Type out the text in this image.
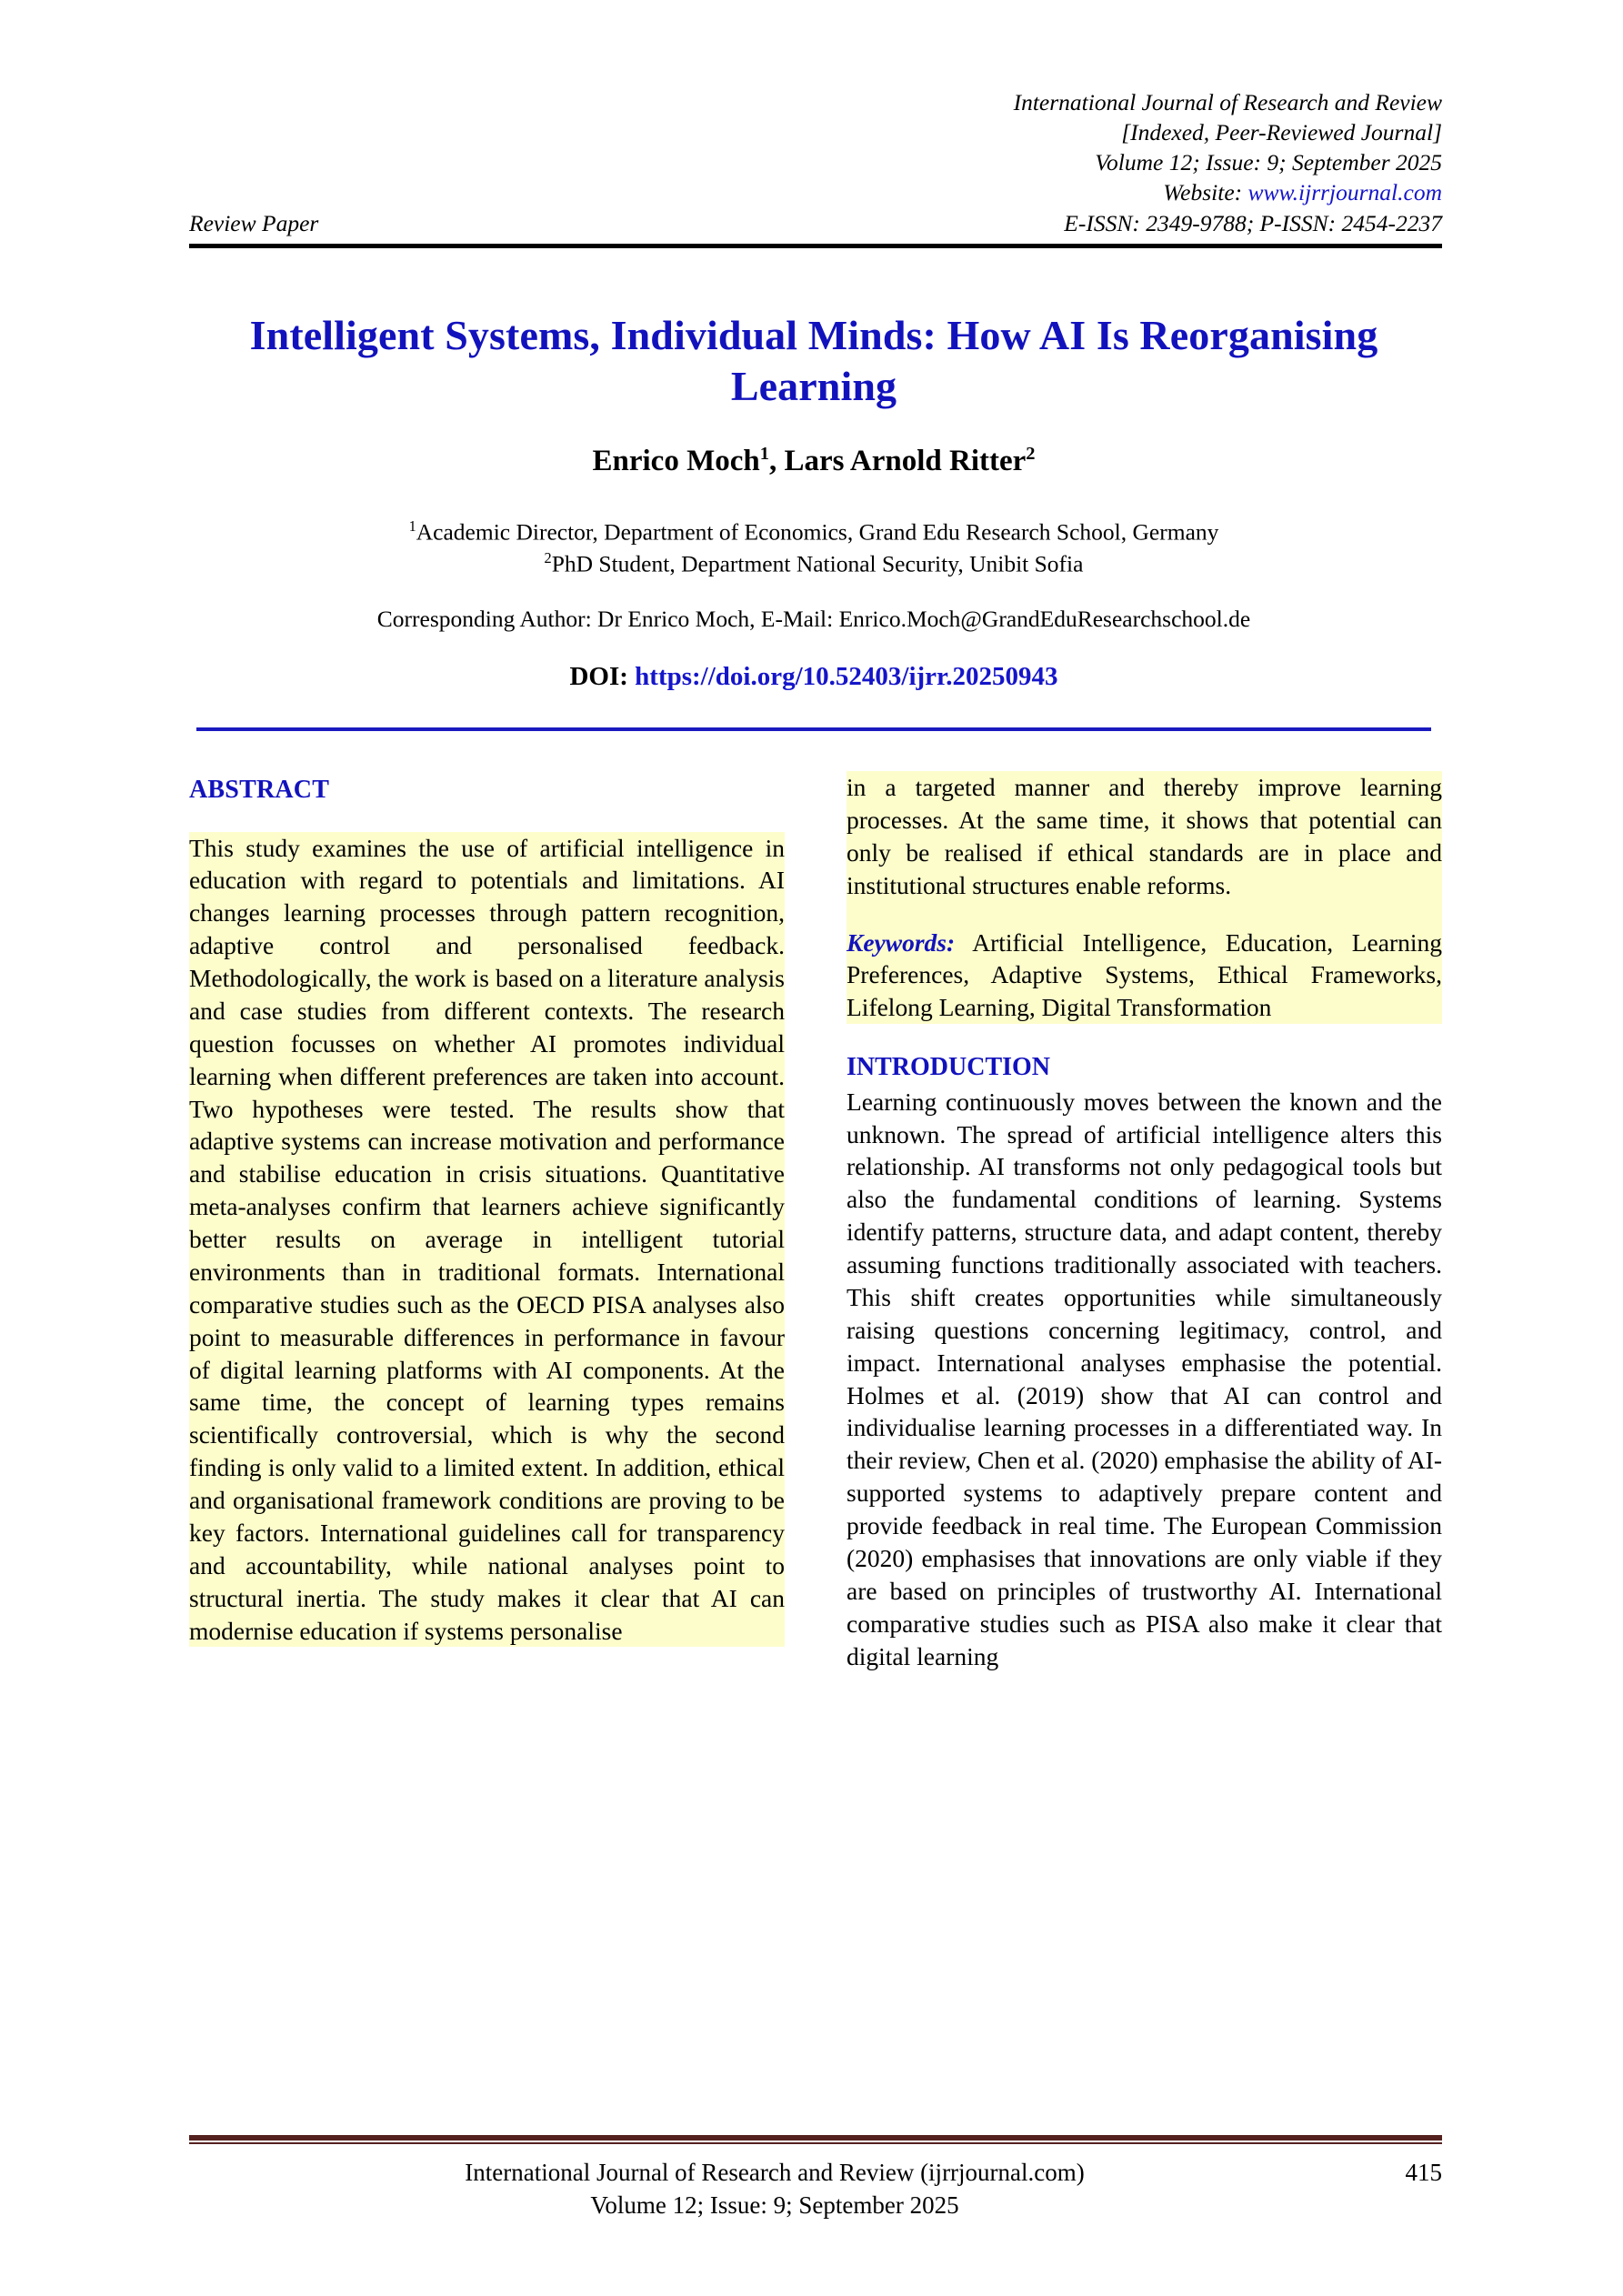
International Journal of Research and Review
[Indexed, Peer-Reviewed Journal]
Volume 12; Issue: 9; September 2025
Website: www.ijrrjournal.com
Review Paper	E-ISSN: 2349-9788; P-ISSN: 2454-2237
Intelligent Systems, Individual Minds: How AI Is Reorganising Learning
Enrico Moch$^1$, Lars Arnold Ritter$^2$
$^1$Academic Director, Department of Economics, Grand Edu Research School, Germany
$^2$PhD Student, Department National Security, Unibit Sofia
Corresponding Author: Dr Enrico Moch, E-Mail: Enrico.Moch@GrandEduResearchschool.de
DOI: https://doi.org/10.52403/ijrr.20250943
ABSTRACT

This study examines the use of artificial intelligence in education with regard to potentials and limitations. AI changes learning processes through pattern recognition, adaptive control and personalised feedback. Methodologically, the work is based on a literature analysis and case studies from different contexts. The research question focusses on whether AI promotes individual learning when different preferences are taken into account. Two hypotheses were tested. The results show that adaptive systems can increase motivation and performance and stabilise education in crisis situations. Quantitative meta-analyses confirm that learners achieve significantly better results on average in intelligent tutorial environments than in traditional formats. International comparative studies such as the OECD PISA analyses also point to measurable differences in performance in favour of digital learning platforms with AI components. At the same time, the concept of learning types remains scientifically controversial, which is why the second finding is only valid to a limited extent. In addition, ethical and organisational framework conditions are proving to be key factors. International guidelines call for transparency and accountability, while national analyses point to structural inertia. The study makes it clear that AI can modernise education if systems personalise

in a targeted manner and thereby improve learning processes. At the same time, it shows that potential can only be realised if ethical standards are in place and institutional structures enable reforms.

Keywords: Artificial Intelligence, Education, Learning Preferences, Adaptive Systems, Ethical Frameworks, Lifelong Learning, Digital Transformation

INTRODUCTION

Learning continuously moves between the known and the unknown. The spread of artificial intelligence alters this relationship. AI transforms not only pedagogical tools but also the fundamental conditions of learning. Systems identify patterns, structure data, and adapt content, thereby assuming functions traditionally associated with teachers. This shift creates opportunities while simultaneously raising questions concerning legitimacy, control, and impact. International analyses emphasise the potential. Holmes et al. (2019) show that AI can control and individualise learning processes in a differentiated way. In their review, Chen et al. (2020) emphasise the ability of AI-supported systems to adaptively prepare content and provide feedback in real time. The European Commission (2020) emphasises that innovations are only viable if they are based on principles of trustworthy AI. International comparative studies such as PISA also make it clear that digital learning

International Journal of Research and Review (ijrrjournal.com)	415
Volume 12; Issue: 9; September 2025
